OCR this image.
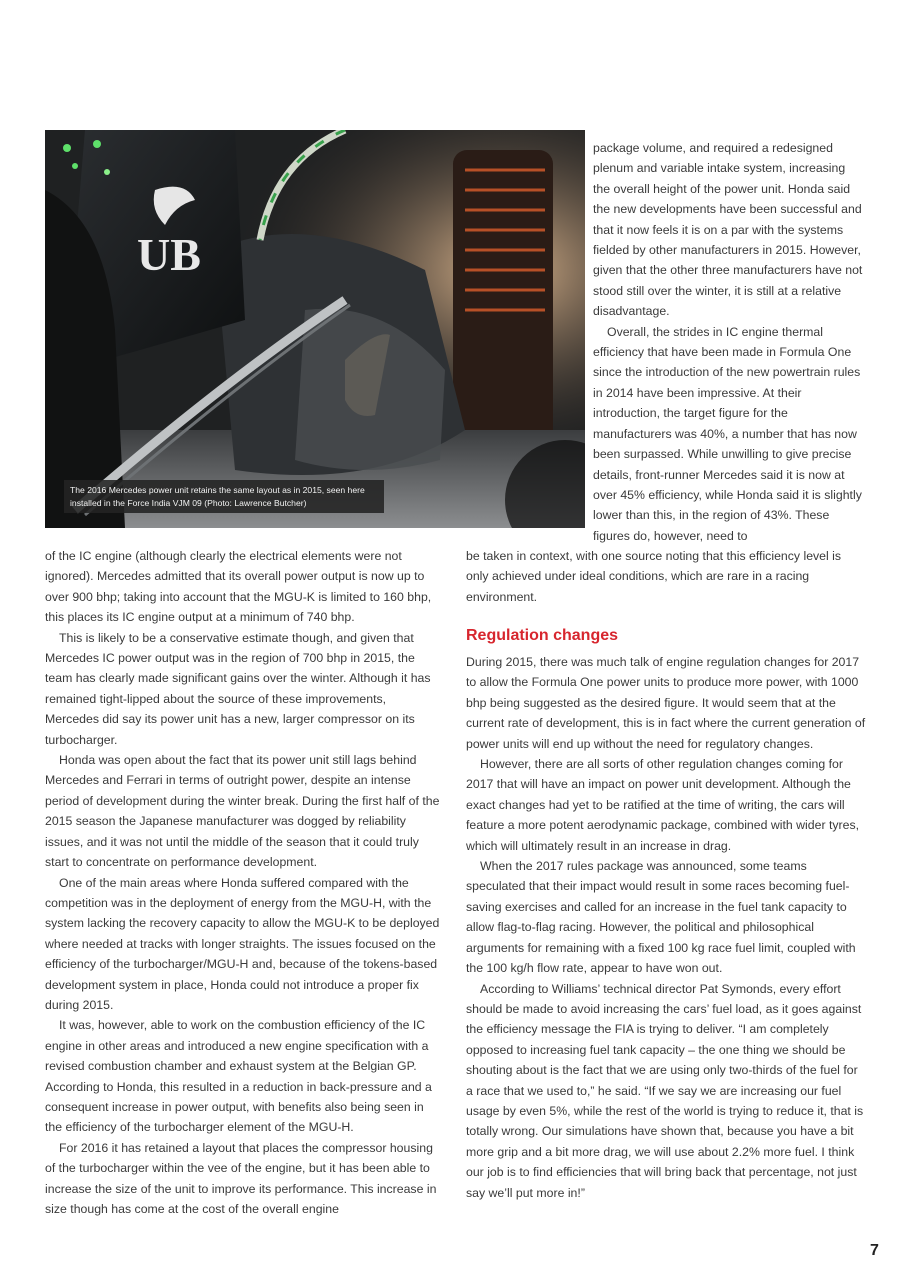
UB
The 2016 Mercedes power unit retains the same layout as in 2015, seen here installed in the Force India VJM 09 (Photo: Lawrence Butcher)

package volume, and required a redesigned plenum and variable intake system, increasing the overall height of the power unit. Honda said the new developments have been successful and that it now feels it is on a par with the systems fielded by other manufacturers in 2015. However, given that the other three manufacturers have not stood still over the winter, it is still at a relative disadvantage.

Overall, the strides in IC engine thermal efficiency that have been made in Formula One since the introduction of the new powertrain rules in 2014 have been impressive. At their introduction, the target figure for the manufacturers was 40%, a number that has now been surpassed. While unwilling to give precise details, front-runner Mercedes said it is now at over 45% efficiency, while Honda said it is slightly lower than this, in the region of 43%. These figures do, however, need to

of the IC engine (although clearly the electrical elements were not ignored). Mercedes admitted that its overall power output is now up to over 900 bhp; taking into account that the MGU-K is limited to 160 bhp, this places its IC engine output at a minimum of 740 bhp.

This is likely to be a conservative estimate though, and given that Mercedes IC power output was in the region of 700 bhp in 2015, the team has clearly made significant gains over the winter. Although it has remained tight-lipped about the source of these improvements, Mercedes did say its power unit has a new, larger compressor on its turbocharger.

Honda was open about the fact that its power unit still lags behind Mercedes and Ferrari in terms of outright power, despite an intense period of development during the winter break. During the first half of the 2015 season the Japanese manufacturer was dogged by reliability issues, and it was not until the middle of the season that it could truly start to concentrate on performance development.

One of the main areas where Honda suffered compared with the competition was in the deployment of energy from the MGU-H, with the system lacking the recovery capacity to allow the MGU-K to be deployed where needed at tracks with longer straights. The issues focused on the efficiency of the turbocharger/MGU-H and, because of the tokens-based development system in place, Honda could not introduce a proper fix during 2015.

It was, however, able to work on the combustion efficiency of the IC engine in other areas and introduced a new engine specification with a revised combustion chamber and exhaust system at the Belgian GP. According to Honda, this resulted in a reduction in back-pressure and a consequent increase in power output, with benefits also being seen in the efficiency of the turbocharger element of the MGU-H.

For 2016 it has retained a layout that places the compressor housing of the turbocharger within the vee of the engine, but it has been able to increase the size of the unit to improve its performance. This increase in size though has come at the cost of the overall engine

be taken in context, with one source noting that this efficiency level is only achieved under ideal conditions, which are rare in a racing environment.

Regulation changes

During 2015, there was much talk of engine regulation changes for 2017 to allow the Formula One power units to produce more power, with 1000 bhp being suggested as the desired figure. It would seem that at the current rate of development, this is in fact where the current generation of power units will end up without the need for regulatory changes.

However, there are all sorts of other regulation changes coming for 2017 that will have an impact on power unit development. Although the exact changes had yet to be ratified at the time of writing, the cars will feature a more potent aerodynamic package, combined with wider tyres, which will ultimately result in an increase in drag.

When the 2017 rules package was announced, some teams speculated that their impact would result in some races becoming fuel-saving exercises and called for an increase in the fuel tank capacity to allow flag-to-flag racing. However, the political and philosophical arguments for remaining with a fixed 100 kg race fuel limit, coupled with the 100 kg/h flow rate, appear to have won out.

According to Williams’ technical director Pat Symonds, every effort should be made to avoid increasing the cars’ fuel load, as it goes against the efficiency message the FIA is trying to deliver. “I am completely opposed to increasing fuel tank capacity – the one thing we should be shouting about is the fact that we are using only two-thirds of the fuel for a race that we used to,” he said. “If we say we are increasing our fuel usage by even 5%, while the rest of the world is trying to reduce it, that is totally wrong. Our simulations have shown that, because you have a bit more grip and a bit more drag, we will use about 2.2% more fuel. I think our job is to find efficiencies that will bring back that percentage, not just say we’ll put more in!”

7
